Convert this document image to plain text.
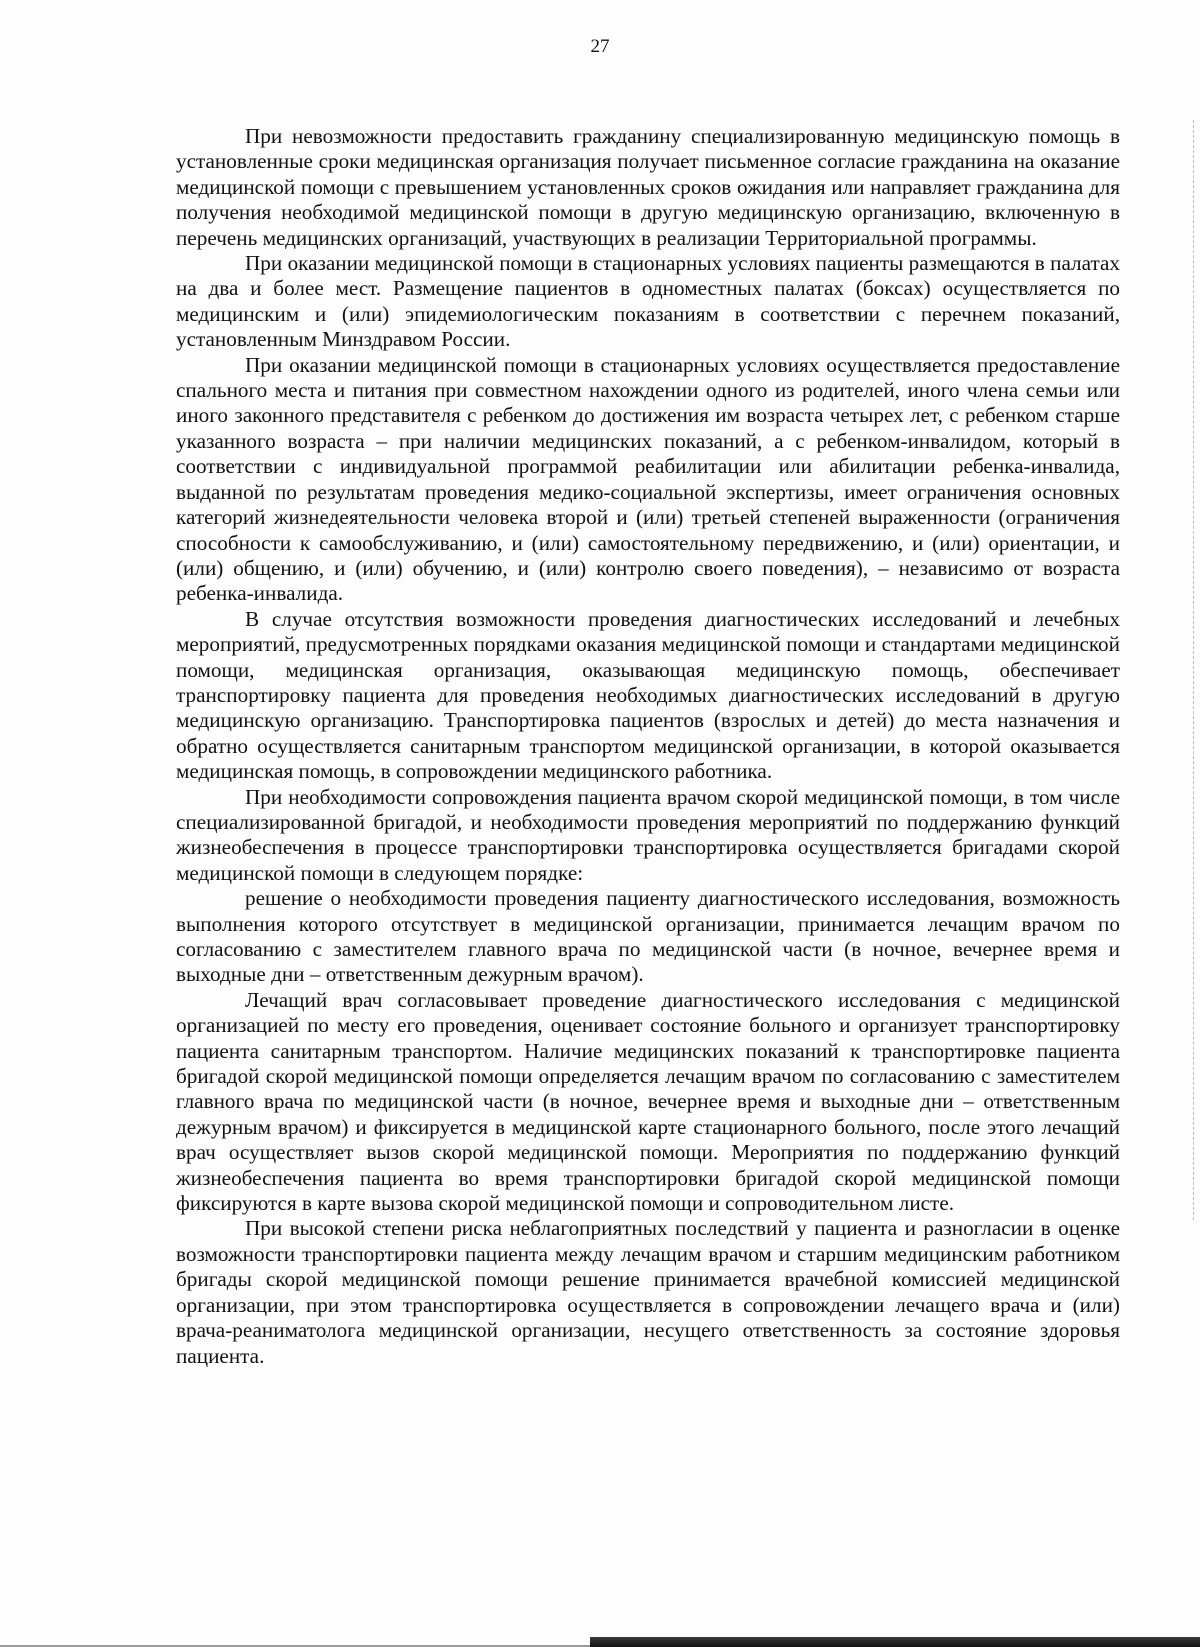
27

При невозможности предоставить гражданину специализированную медицинскую помощь в установленные сроки медицинская организация получает письменное согласие гражданина на оказание медицинской помощи с превышением установленных сроков ожидания или направляет гражданина для получения необходимой медицинской помощи в другую медицинскую организацию, включенную в перечень медицинских организаций, участвующих в реализации Территориальной программы.

При оказании медицинской помощи в стационарных условиях пациенты размещаются в палатах на два и более мест. Размещение пациентов в одноместных палатах (боксах) осуществляется по медицинским и (или) эпидемиологическим показаниям в соответствии с перечнем показаний, установленным Минздравом России.

При оказании медицинской помощи в стационарных условиях осуществляется предоставление спального места и питания при совместном нахождении одного из родителей, иного члена семьи или иного законного представителя с ребенком до достижения им возраста четырех лет, с ребенком старше указанного возраста – при наличии медицинских показаний, а с ребенком-инвалидом, который в соответствии с индивидуальной программой реабилитации или абилитации ребенка-инвалида, выданной по результатам проведения медико-социальной экспертизы, имеет ограничения основных категорий жизнедеятельности человека второй и (или) третьей степеней выраженности (ограничения способности к самообслуживанию, и (или) самостоятельному передвижению, и (или) ориентации, и (или) общению, и (или) обучению, и (или) контролю своего поведения), – независимо от возраста ребенка-инвалида.

В случае отсутствия возможности проведения диагностических исследований и лечебных мероприятий, предусмотренных порядками оказания медицинской помощи и стандартами медицинской помощи, медицинская организация, оказывающая медицинскую помощь, обеспечивает транспортировку пациента для проведения необходимых диагностических исследований в другую медицинскую организацию. Транспортировка пациентов (взрослых и детей) до места назначения и обратно осуществляется санитарным транспортом медицинской организации, в которой оказывается медицинская помощь, в сопровождении медицинского работника.

При необходимости сопровождения пациента врачом скорой медицинской помощи, в том числе специализированной бригадой, и необходимости проведения мероприятий по поддержанию функций жизнеобеспечения в процессе транспортировки транспортировка осуществляется бригадами скорой медицинской помощи в следующем порядке:

решение о необходимости проведения пациенту диагностического исследования, возможность выполнения которого отсутствует в медицинской организации, принимается лечащим врачом по согласованию с заместителем главного врача по медицинской части (в ночное, вечернее время и выходные дни – ответственным дежурным врачом).

Лечащий врач согласовывает проведение диагностического исследования с медицинской организацией по месту его проведения, оценивает состояние больного и организует транспортировку пациента санитарным транспортом. Наличие медицинских показаний к транспортировке пациента бригадой скорой медицинской помощи определяется лечащим врачом по согласованию с заместителем главного врача по медицинской части (в ночное, вечернее время и выходные дни – ответственным дежурным врачом) и фиксируется в медицинской карте стационарного больного, после этого лечащий врач осуществляет вызов скорой медицинской помощи. Мероприятия по поддержанию функций жизнеобеспечения пациента во время транспортировки бригадой скорой медицинской помощи фиксируются в карте вызова скорой медицинской помощи и сопроводительном листе.

При высокой степени риска неблагоприятных последствий у пациента и разногласии в оценке возможности транспортировки пациента между лечащим врачом и старшим медицинским работником бригады скорой медицинской помощи решение принимается врачебной комиссией медицинской организации, при этом транспортировка осуществляется в сопровождении лечащего врача и (или) врача-реаниматолога медицинской организации, несущего ответственность за состояние здоровья пациента.
